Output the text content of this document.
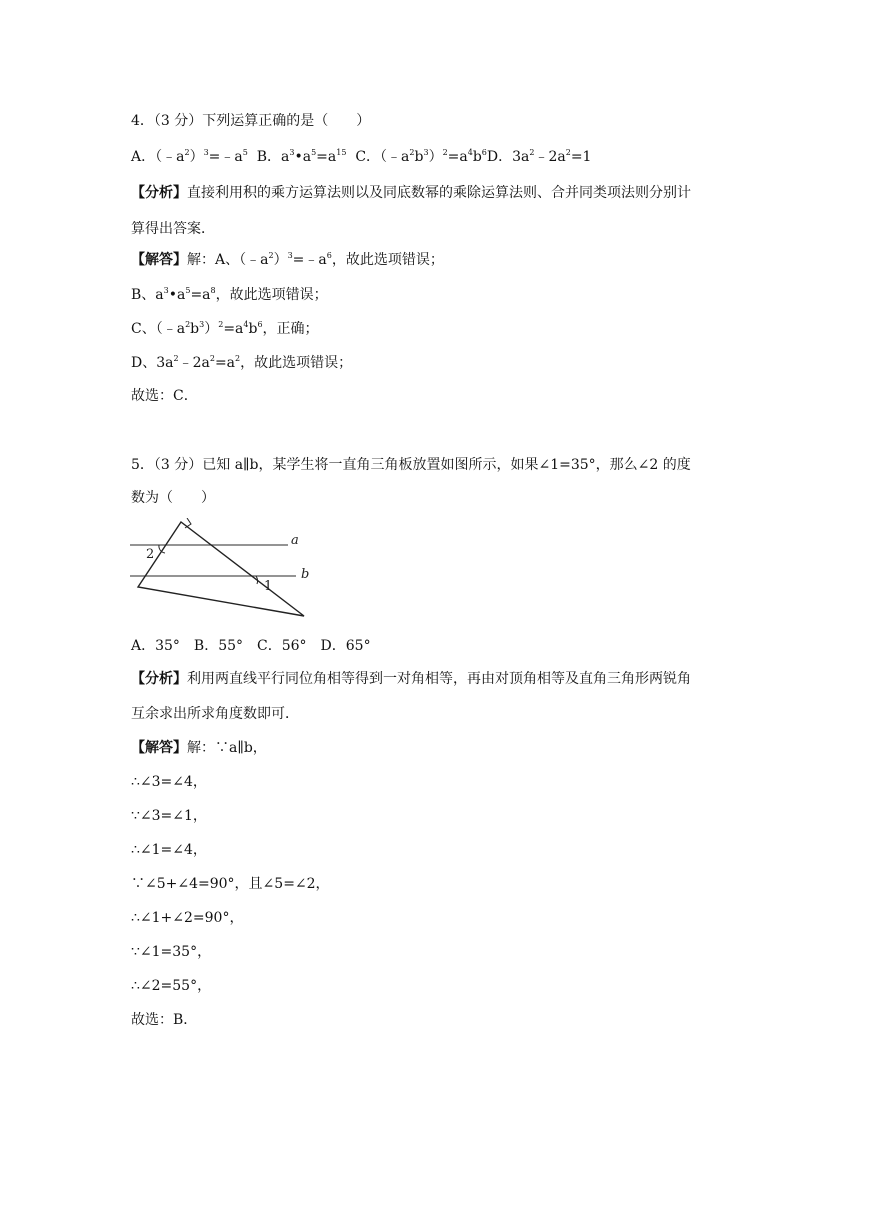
4．（3 分）下列运算正确的是（　　）
A．$(﹣a^2)^3=﹣a^5$ B．$a^3•a^5=a^{15}$ C．$(﹣a^2b^3)^2=a^4b^6D$．$3a^2﹣2a^2=1$
【分析】直接利用积的乘方运算法则以及同底数幂的乘除运算法则、合并同类项法则分别计
算得出答案．
【解答】解：A、$(﹣a^2)^3=﹣a^6$，故此选项错误；
B、$a^3•a^5=a^8$，故此选项错误；
C、$(﹣a^2b^3)^2=a^4b^6$，正确；
D、$3a^2﹣2a^2=a^2$，故此选项错误；
故选：C．
5．（3 分）已知 a∥b，某学生将一直角三角板放置如图所示，如果∠1=35°，那么∠2 的度
数为（　　）
a
b
2
1
A．35°　B．55°　C．56°　D．65°
【分析】利用两直线平行同位角相等得到一对角相等，再由对顶角相等及直角三角形两锐角
互余求出所求角度数即可．
【解答】解：∵a∥b，
∴∠3=∠4，
∵∠3=∠1，
∴∠1=∠4，
∵∠5+∠4=90°，且∠5=∠2，
∴∠1+∠2=90°，
∵∠1=35°，
∴∠2=55°，
故选：B．
